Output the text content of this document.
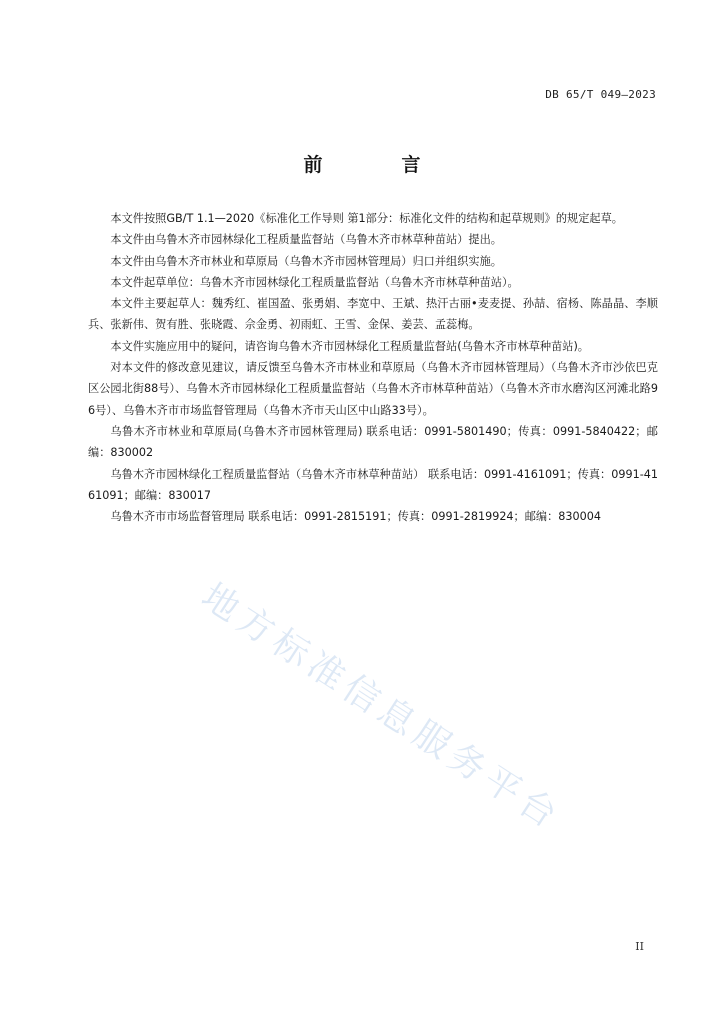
DB 65/T 049—2023
前　言

本文件按照GB/T 1.1—2020《标准化工作导则 第1部分：标准化文件的结构和起草规则》的规定起草。

本文件由乌鲁木齐市园林绿化工程质量监督站（乌鲁木齐市林草种苗站）提出。

本文件由乌鲁木齐市林业和草原局（乌鲁木齐市园林管理局）归口并组织实施。

本文件起草单位：乌鲁木齐市园林绿化工程质量监督站（乌鲁木齐市林草种苗站）。

本文件主要起草人：魏秀红、崔国盈、张勇娟、李宽中、王斌、热汗古丽•麦麦提、孙喆、宿杨、陈晶晶、李顺兵、张新伟、贺有胜、张晓霞、佘金勇、初雨虹、王雪、金保、姜芸、孟蕊梅。

本文件实施应用中的疑问，请咨询乌鲁木齐市园林绿化工程质量监督站(乌鲁木齐市林草种苗站)。

对本文件的修改意见建议，请反馈至乌鲁木齐市林业和草原局（乌鲁木齐市园林管理局）（乌鲁木齐市沙依巴克区公园北街88号）、乌鲁木齐市园林绿化工程质量监督站（乌鲁木齐市林草种苗站）（乌鲁木齐市水磨沟区河滩北路96号）、乌鲁木齐市市场监督管理局（乌鲁木齐市天山区中山路33号）。

乌鲁木齐市林业和草原局(乌鲁木齐市园林管理局) 联系电话：0991-5801490；传真：0991-5840422；邮编：830002

乌鲁木齐市园林绿化工程质量监督站（乌鲁木齐市林草种苗站） 联系电话：0991-4161091；传真：0991-4161091；邮编：830017

乌鲁木齐市市场监督管理局 联系电话：0991-2815191；传真：0991-2819924；邮编：830004

地方标准信息服务平台
II
